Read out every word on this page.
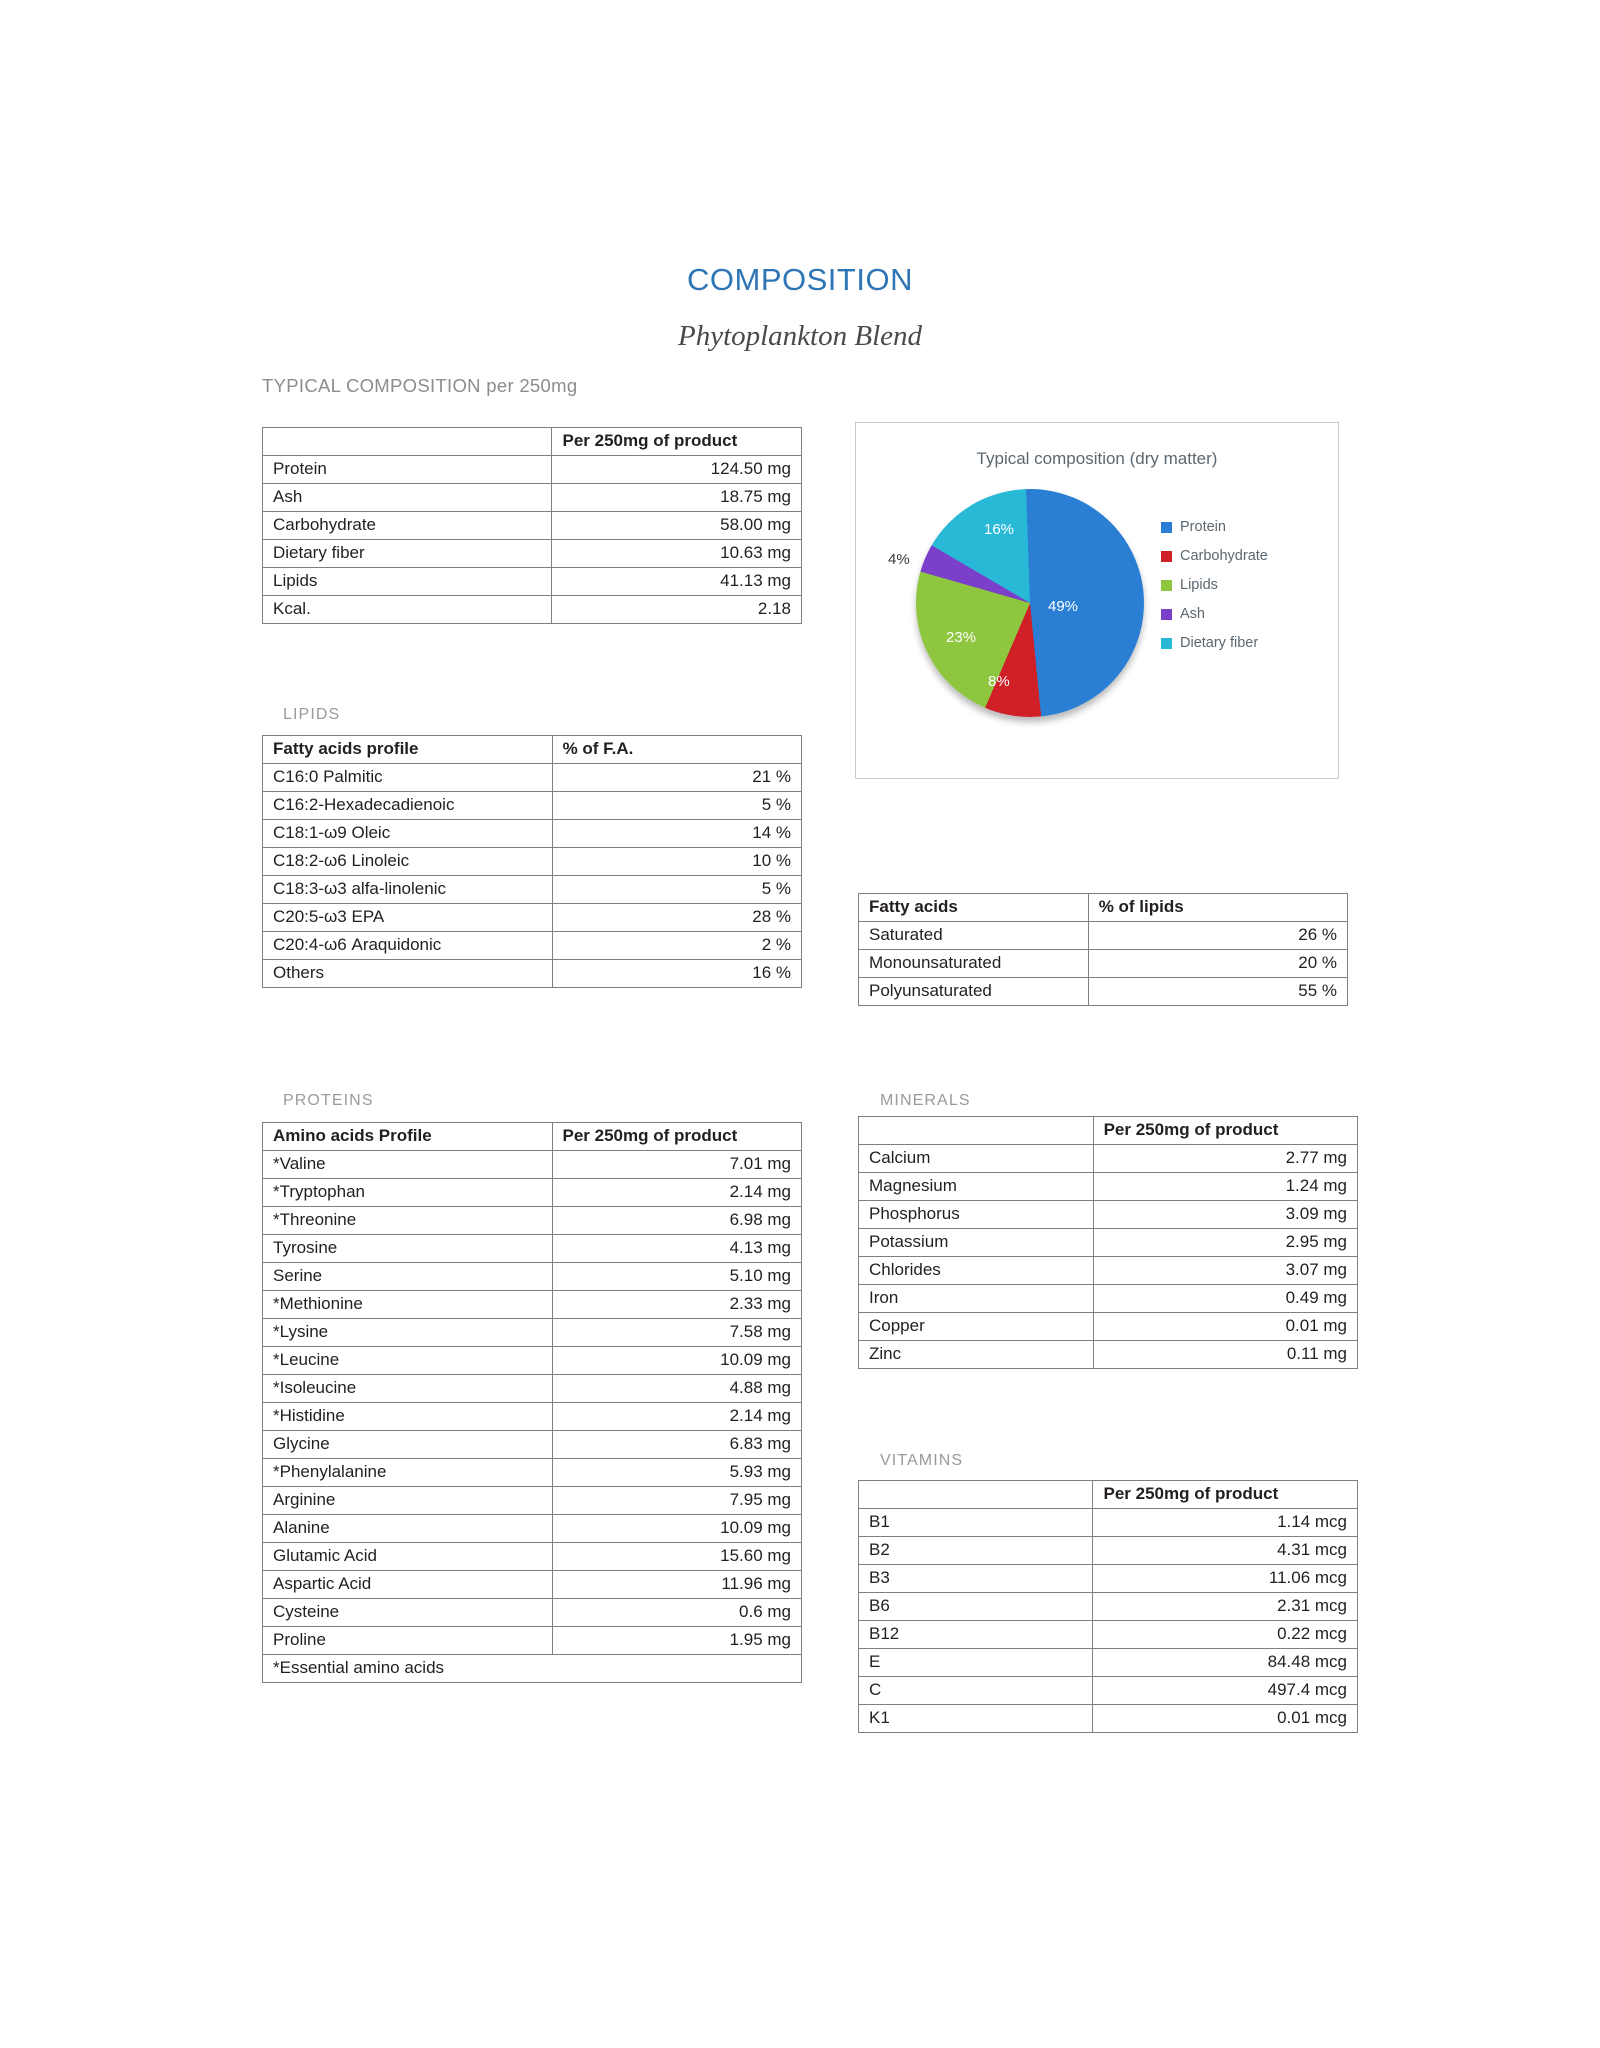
COMPOSITION
Phytoplankton Blend
TYPICAL COMPOSITION per 250mg
	Per 250mg of product
Protein	124.50 mg
Ash	18.75 mg
Carbohydrate	58.00 mg
Dietary fiber	10.63 mg
Lipids	41.13 mg
Kcal.	2.18
LIPIDS
Fatty acids profile	% of F.A.
C16:0 Palmitic	21 %
C16:2-Hexadecadienoic	5 %
C18:1-ω9 Oleic	14 %
C18:2-ω6 Linoleic	10 %
C18:3-ω3 alfa-linolenic	5 %
C20:5-ω3 EPA	28 %
C20:4-ω6 Araquidonic	2 %
Others	16 %
Typical composition (dry matter)
49%
8%
23%
4%
16%	Protein
Carbohydrate
Lipids
Ash
Dietary fiber
Fatty acids	% of lipids
Saturated	26 %
Monounsaturated	20 %
Polyunsaturated	55 %
PROTEINS
Amino acids Profile	Per 250mg of product
*Valine	7.01 mg
*Tryptophan	2.14 mg
*Threonine	6.98 mg
Tyrosine	4.13 mg
Serine	5.10 mg
*Methionine	2.33 mg
*Lysine	7.58 mg
*Leucine	10.09 mg
*Isoleucine	4.88 mg
*Histidine	2.14 mg
Glycine	6.83 mg
*Phenylalanine	5.93 mg
Arginine	7.95 mg
Alanine	10.09 mg
Glutamic Acid	15.60 mg
Aspartic Acid	11.96 mg
Cysteine	0.6 mg
Proline	1.95 mg
*Essential amino acids	
MINERALS
	Per 250mg of product
Calcium	2.77 mg
Magnesium	1.24 mg
Phosphorus	3.09 mg
Potassium	2.95 mg
Chlorides	3.07 mg
Iron	0.49 mg
Copper	0.01 mg
Zinc	0.11 mg
VITAMINS
	Per 250mg of product
B1	1.14 mcg
B2	4.31 mcg
B3	11.06 mcg
B6	2.31 mcg
B12	0.22 mcg
E	84.48 mcg
C	497.4 mcg
K1	0.01 mcg
